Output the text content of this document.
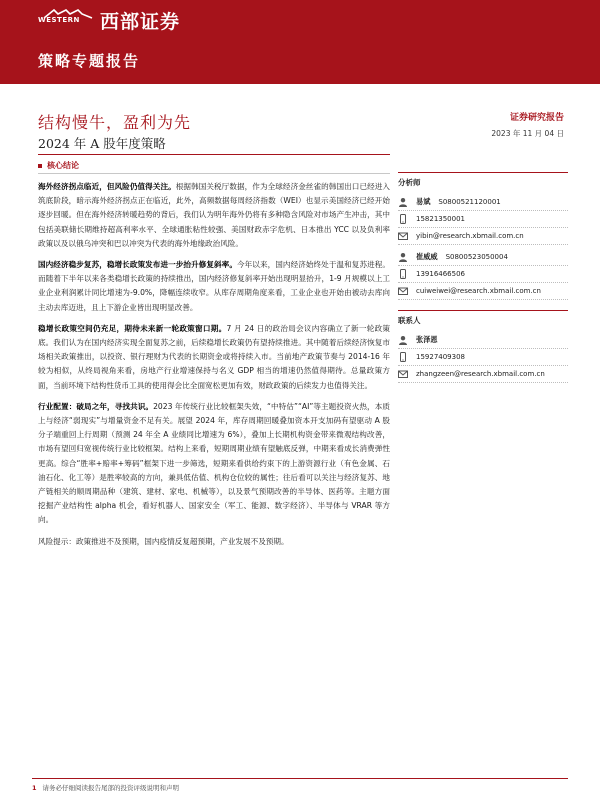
WESTERN 西部证券
策略专题报告
结构慢牛，盈利为先
2024 年 A 股年度策略
证券研究报告
2023 年 11 月 04 日
核心结论

海外经济拐点临近，但风险仍值得关注。根据韩国关税厅数据，作为全球经济金丝雀的韩国出口已经进入筑底阶段，暗示海外经济拐点正在临近，此外，高频数据每周经济指数（WEI）也显示美国经济已经开始逐步回暖。但在海外经济转暖趋势的背后，我们认为明年海外仍将有多种隐含风险对市场产生冲击，其中包括美联储长期维持超高利率水平、全球通胀粘性较强、美国财政赤字危机、日本推出 YCC 以及负利率政策以及以俄乌冲突和巴以冲突为代表的海外地缘政治风险。

国内经济稳步复苏，稳增长政策发布进一步抬升修复斜率。今年以来，国内经济始终处于温和复苏进程。而随着下半年以来各类稳增长政策的持续推出，国内经济修复斜率开始出现明显抬升，1-9 月规模以上工业企业利润累计同比增速为-9.0%，降幅连续收窄。从库存周期角度来看，工业企业也开始由被动去库向主动去库迈进，且上下游企业皆出现明显改善。

稳增长政策空间仍充足，期待未来新一轮政策窗口期。7 月 24 日的政治局会议内容确立了新一轮政策底。我们认为在国内经济实现全面复苏之前，后续稳增长政策仍有望持续推进。其中随着后续经济恢复市场相关政策推出，以投资、银行理财为代表的长期资金或将持续入市。当前地产政策节奏与 2014-16 年较为相似，从终局视角来看，房地产行业增速保持与名义 GDP 相当的增速仍然值得期待。总量政策方面，当前环境下结构性货币工具的使用得会比全面宽松更加有效，财政政策的后续发力也值得关注。

行业配置：破局之年，寻找共识。2023 年传统行业比较框架失效，“中特估”“AI”等主题投资火热，本质上与经济“弱现实”与增量资金不足有关。展望 2024 年，库存周期回暖叠加资本开支加码有望驱动 A 股分子端重回上行周期（预测 24 年全 A 业绩同比增速为 6%），叠加上长期机构资金带来微观结构改善，市场有望回归宽视传统行业比较框架。结构上来看，短期周期业绩有望触底反弹，中期来看成长消费弹性更高。综合“胜率+赔率+筹码”框架下进一步筛选，短期来看供给约束下的上游资源行业（有色金属、石油石化、化工等）是胜率较高的方向，兼具低估值、机构仓位较的属性；往后看可以关注与经济复苏、地产链相关的顺周期品种（建筑、建材、家电、机械等），以及景气预期改善的半导体、医药等。主题方面挖掘产业结构性 alpha 机会，看好机器人、国家安全（军工、能源、数字经济）、半导体与 VRAR 等方向。

风险提示：政策推进不及预期，国内疫情反复超预期，产业发展不及预期。

分析师
易斌 S0800521120001
15821350001
yibin@research.xbmail.com.cn
崔威威 S0800523050004
13916466506
cuiweiwei@research.xbmail.com.cn
联系人
张泽恩
15927409308
zhangzeen@research.xbmail.com.cn
1 请务必仔细阅读报告尾部的投资评级说明和声明
